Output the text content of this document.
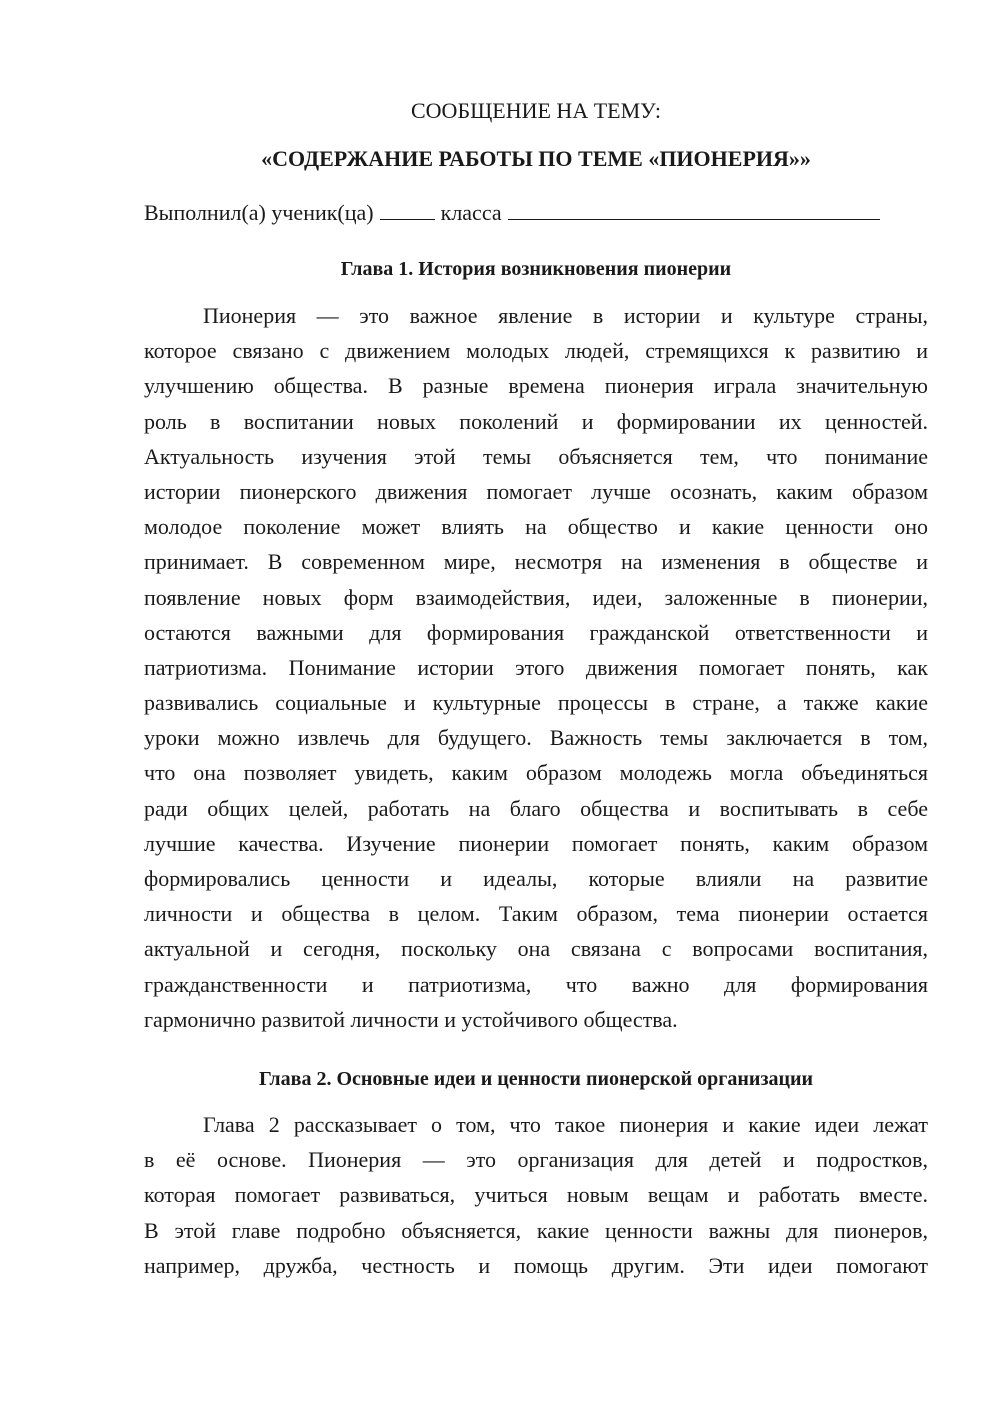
СООБЩЕНИЕ НА ТЕМУ:
«СОДЕРЖАНИЕ РАБОТЫ ПО ТЕМЕ «ПИОНЕРИЯ»»
Выполнил(а) ученик(ца)	класса
Глава 1. История возникновения пионерии
Пионерия — это важное явление в истории и культуре страны,
которое связано с движением молодых людей, стремящихся к развитию и
улучшению общества. В разные времена пионерия играла значительную
роль в воспитании новых поколений и формировании их ценностей.
Актуальность изучения этой темы объясняется тем, что понимание
истории пионерского движения помогает лучше осознать, каким образом
молодое поколение может влиять на общество и какие ценности оно
принимает. В современном мире, несмотря на изменения в обществе и
появление новых форм взаимодействия, идеи, заложенные в пионерии,
остаются важными для формирования гражданской ответственности и
патриотизма. Понимание истории этого движения помогает понять, как
развивались социальные и культурные процессы в стране, а также какие
уроки можно извлечь для будущего. Важность темы заключается в том,
что она позволяет увидеть, каким образом молодежь могла объединяться
ради общих целей, работать на благо общества и воспитывать в себе
лучшие качества. Изучение пионерии помогает понять, каким образом
формировались ценности и идеалы, которые влияли на развитие
личности и общества в целом. Таким образом, тема пионерии остается
актуальной и сегодня, поскольку она связана с вопросами воспитания,
гражданственности и патриотизма, что важно для формирования
гармонично развитой личности и устойчивого общества.
Глава 2. Основные идеи и ценности пионерской организации
Глава 2 рассказывает о том, что такое пионерия и какие идеи лежат
в её основе. Пионерия — это организация для детей и подростков,
которая помогает развиваться, учиться новым вещам и работать вместе.
В этой главе подробно объясняется, какие ценности важны для пионеров,
например, дружба, честность и помощь другим. Эти идеи помогают
